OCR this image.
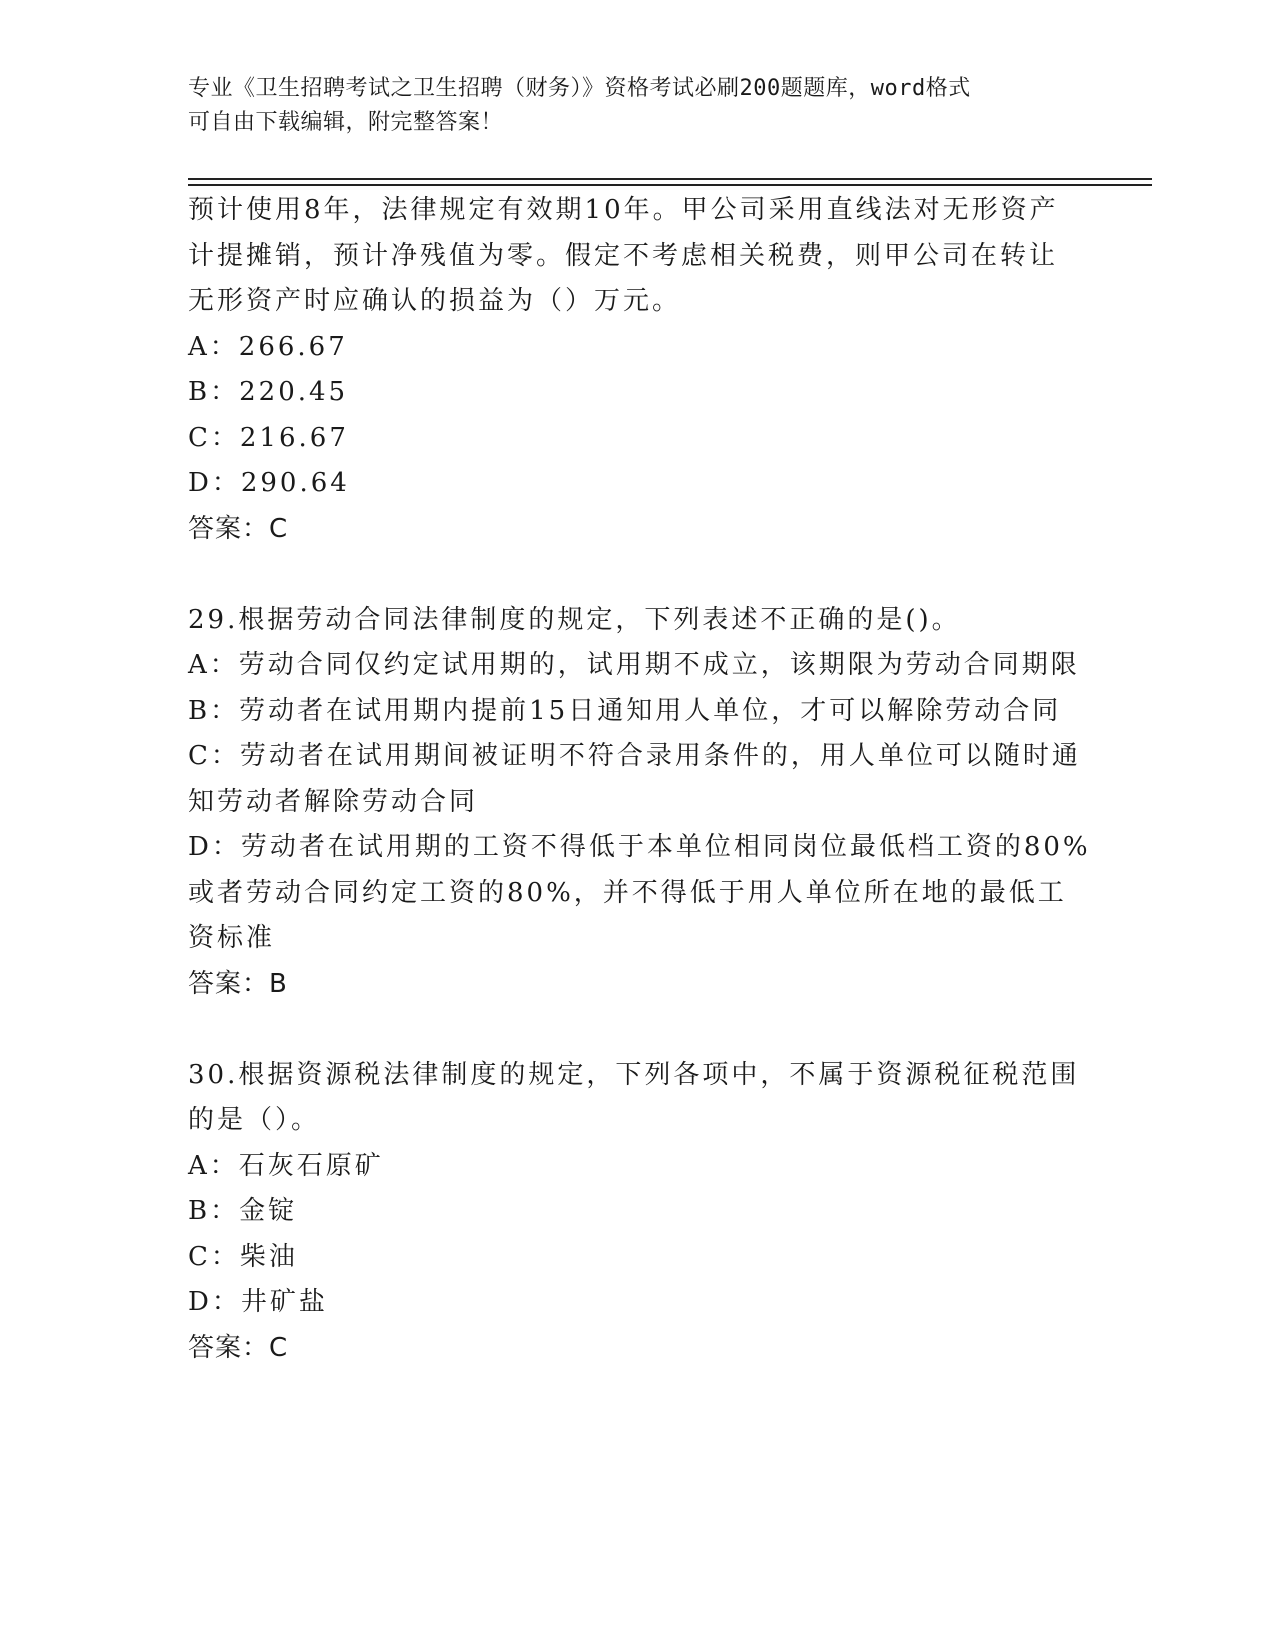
专业《卫生招聘考试之卫生招聘（财务）》资格考试必刷200题题库，word格式
可自由下载编辑，附完整答案！

预计使用8年，法律规定有效期10年。甲公司采用直线法对无形资产

计提摊销，预计净残值为零。假定不考虑相关税费，则甲公司在转让

无形资产时应确认的损益为（）万元。

A：266.67

B：220.45

C：216.67

D：290.64

答案：C

29.根据劳动合同法律制度的规定，下列表述不正确的是()。

A：劳动合同仅约定试用期的，试用期不成立，该期限为劳动合同期限

B：劳动者在试用期内提前15日通知用人单位，才可以解除劳动合同

C：劳动者在试用期间被证明不符合录用条件的，用人单位可以随时通

知劳动者解除劳动合同

D：劳动者在试用期的工资不得低于本单位相同岗位最低档工资的80%

或者劳动合同约定工资的80%，并不得低于用人单位所在地的最低工

资标准

答案：B

30.根据资源税法律制度的规定，下列各项中，不属于资源税征税范围

的是（）。

A：石灰石原矿

B：金锭

C：柴油

D：井矿盐

答案：C
